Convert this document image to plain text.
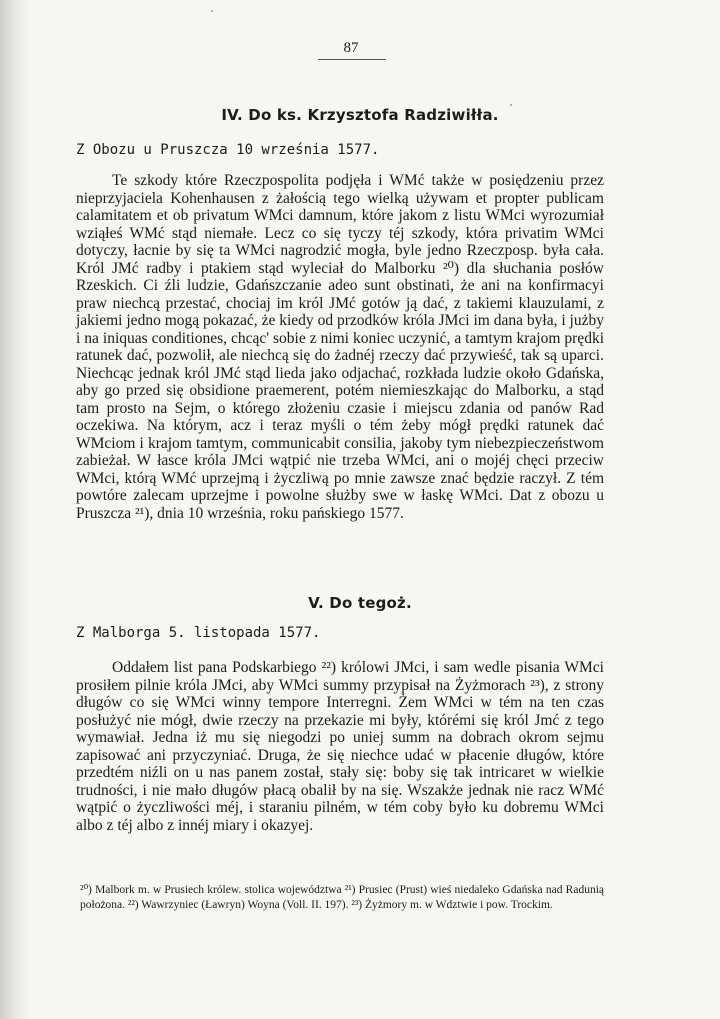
87
IV. Do ks. Krzysztofa Radziwiłła.
Z Obozu u Pruszcza 10 września 1577.

Te szkody które Rzeczpospolita podjęła i WMć także w posiędzeniu przez nieprzyjaciela Kohenhausen z żałością tego wielką używam et propter publicam calamitatem et ob privatum WMci damnum, które jakom z listu WMci wyrozumiał wziąłeś WMć stąd niemałe. Lecz co się tyczy téj szkody, która privatim WMci dotyczy, łacnie by się ta WMci nagrodzić mogła, byle jedno Rzeczposp. była cała. Król JMć radby i ptakiem stąd wyleciał do Malborku ²⁰) dla słuchania posłów Rzeskich. Ci źli ludzie, Gdańszczanie adeo sunt obstinati, że ani na konfirmacyi praw niechcą przestać, chociaj im król JMć gotów ją dać, z takiemi klauzulami, z jakiemi jedno mogą pokazać, że kiedy od przodków króla JMci im dana była, i jużby i na iniquas conditiones, chcąc' sobie z nimi koniec uczynić, a tamtym krajom prędki ratunek dać, pozwolił, ale niechcą się do żadnéj rzeczy dać przywieść, tak są uparci. Niechcąc jednak król JMć stąd lieda jako odjachać, rozkłada ludzie około Gdańska, aby go przed się obsidione praemerent, potém niemieszkając do Malborku, a stąd tam prosto na Sejm, o którego złożeniu czasie i miejscu zdania od panów Rad oczekiwa. Na którym, acz i teraz myśli o tém żeby mógł prędki ratunek dać WMciom i krajom tamtym, communicabit consilia, jakoby tym niebezpieczeństwom zabieżał. W łasce króla JMci wątpić nie trzeba WMci, ani o mojéj chęci przeciw WMci, którą WMć uprzejmą i życzliwą po mnie zawsze znać będzie raczył. Z tém powtóre zalecam uprzejme i powolne służby swe w łaskę WMci. Dat z obozu u Pruszcza ²¹), dnia 10 września, roku pańskiego 1577.

V. Do tegoż.
Z Malborga 5. listopada 1577.

Oddałem list pana Podskarbiego ²²) królowi JMci, i sam wedle pisania WMci prosiłem pilnie króla JMci, aby WMci summy przypisał na Żyżmorach ²³), z strony długów co się WMci winny tempore Interregni. Żem WMci w tém na ten czas posłużyć nie mógł, dwie rzeczy na przekazie mi były, którémi się król Jmć z tego wymawiał. Jedna iż mu się niegodzi po uniej summ na dobrach okrom sejmu zapisować ani przyczyniać. Druga, że się niechce udać w płacenie długów, które przedtém niźli on u nas panem został, stały się: boby się tak intricaret w wielkie trudności, i nie mało długów płacą obalił by na się. Wszakże jednak nie racz WMć wątpić o życzliwości méj, i staraniu pilném, w tém coby było ku dobremu WMci albo z téj albo z innéj miary i okazyej.

²⁰) Malbork m. w Prusiech królew. stolica województwa ²¹) Prusiec (Prust) wieś niedaleko Gdańska nad Radunią położona. ²²) Wawrzyniec (Ławryn) Woyna (Voll. II. 197). ²³) Żyżmory m. w Wdztwie i pow. Trockim.
